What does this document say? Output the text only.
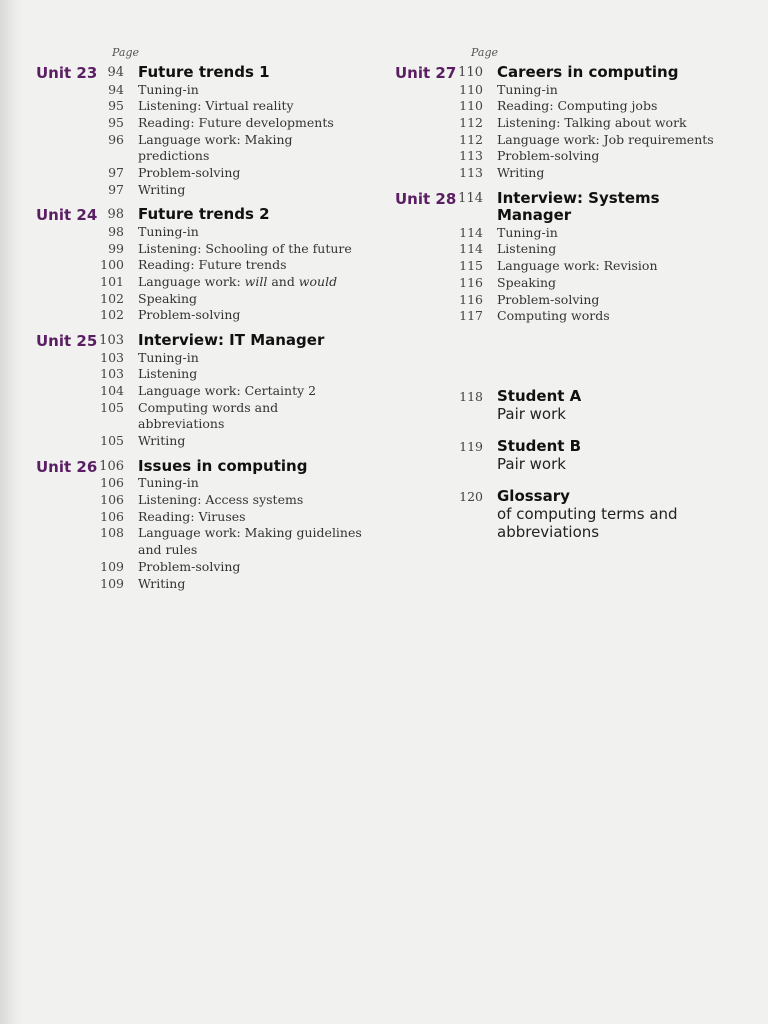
Page
Unit 23 94 Future trends 1
94	Tuning-in
95	Listening: Virtual reality
95	Reading: Future developments
96	Language work: Making predictions
97	Problem-solving
97	Writing
Unit 24 98 Future trends 2
98	Tuning-in
99	Listening: Schooling of the future
100	Reading: Future trends
101	Language work: will and would
102	Speaking
102	Problem-solving
Unit 25 103 Interview: IT Manager
103	Tuning-in
103	Listening
104	Language work: Certainty 2
105	Computing words and abbreviations
105	Writing
Unit 26 106 Issues in computing
106	Tuning-in
106	Listening: Access systems
106	Reading: Viruses
108	Language work: Making guidelines and rules
109	Problem-solving
109	Writing
Page
Unit 27 110 Careers in computing
110	Tuning-in
110	Reading: Computing jobs
112	Listening: Talking about work
112	Language work: Job requirements
113	Problem-solving
113	Writing
Unit 28 114 Interview: Systems Manager
114	Tuning-in
114	Listening
115	Language work: Revision
116	Speaking
116	Problem-solving
117	Computing words
118 Student A
Pair work
119 Student B
Pair work
120 Glossary
of computing terms and abbreviations
